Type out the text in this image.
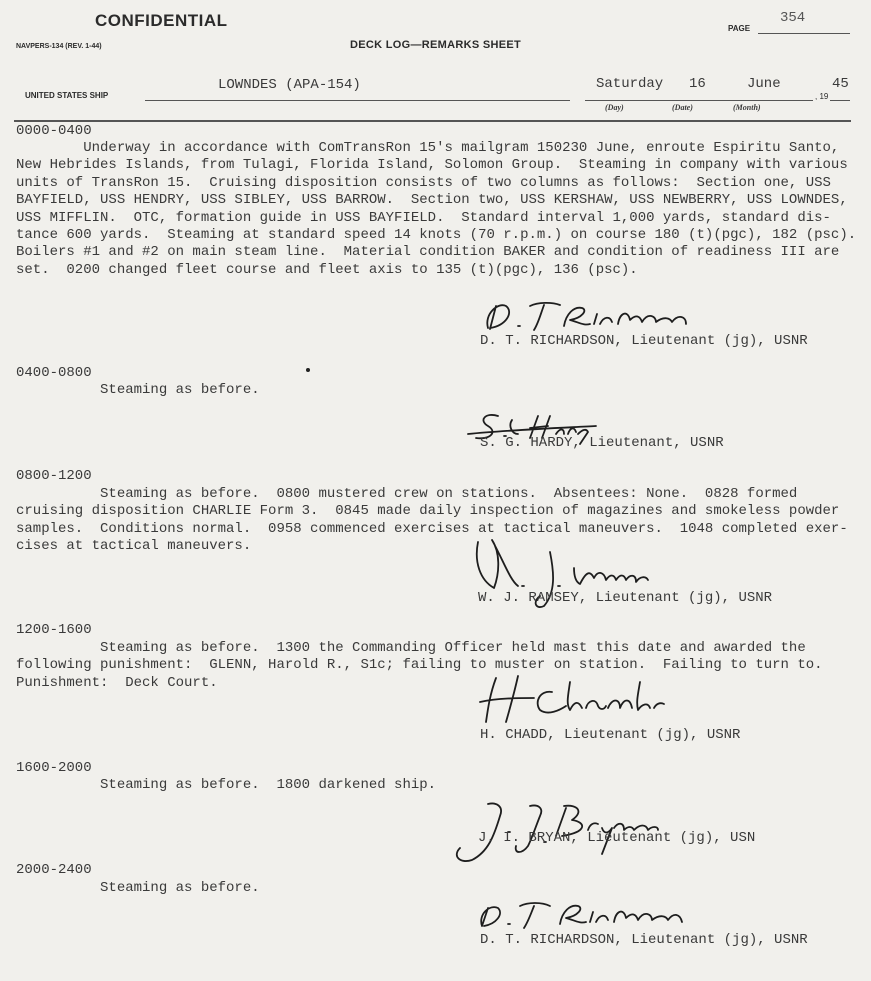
CONFIDENTIAL	PAGE
354
NAVPERS-134 (REV. 1-44)	DECK LOG—REMARKS SHEET
UNITED STATES SHIP
LOWNDES (APA-154)	Saturday 16	June
, 19
45
(Day)	(Date)	(Month)
0000-0400
Underway in accordance with ComTransRon 15's mailgram 150230 June, enroute Espiritu Santo,
New Hebrides Islands, from Tulagi, Florida Island, Solomon Group.  Steaming in company with various
units of TransRon 15.  Cruising disposition consists of two columns as follows:  Section one, USS
BAYFIELD, USS HENDRY, USS SIBLEY, USS BARROW.  Section two, USS KERSHAW, USS NEWBERRY, USS LOWNDES,
USS MIFFLIN.  OTC, formation guide in USS BAYFIELD.  Standard interval 1,000 yards, standard dis-
tance 600 yards.  Steaming at standard speed 14 knots (70 r.p.m.) on course 180 (t)(pgc), 182 (psc).
Boilers #1 and #2 on main steam line.  Material condition BAKER and condition of readiness III are
set.  0200 changed fleet course and fleet axis to 135 (t)(pgc), 136 (psc).
D. T. RICHARDSON, Lieutenant (jg), USNR
0400-0800
Steaming as before.
S. G. HARDY, Lieutenant, USNR
0800-1200
Steaming as before.  0800 mustered crew on stations.  Absentees: None.  0828 formed
cruising disposition CHARLIE Form 3.  0845 made daily inspection of magazines and smokeless powder
samples.  Conditions normal.  0958 commenced exercises at tactical maneuvers.  1048 completed exer-
cises at tactical maneuvers.
W. J. RAMSEY, Lieutenant (jg), USNR
1200-1600
Steaming as before.  1300 the Commanding Officer held mast this date and awarded the
following punishment:  GLENN, Harold R., S1c; failing to muster on station.  Failing to turn to.
Punishment:  Deck Court.
H. CHADD, Lieutenant (jg), USNR
1600-2000
Steaming as before.  1800 darkened ship.
J. I. BRYAN, Lieutenant (jg), USN
2000-2400
Steaming as before.
D. T. RICHARDSON, Lieutenant (jg), USNR
